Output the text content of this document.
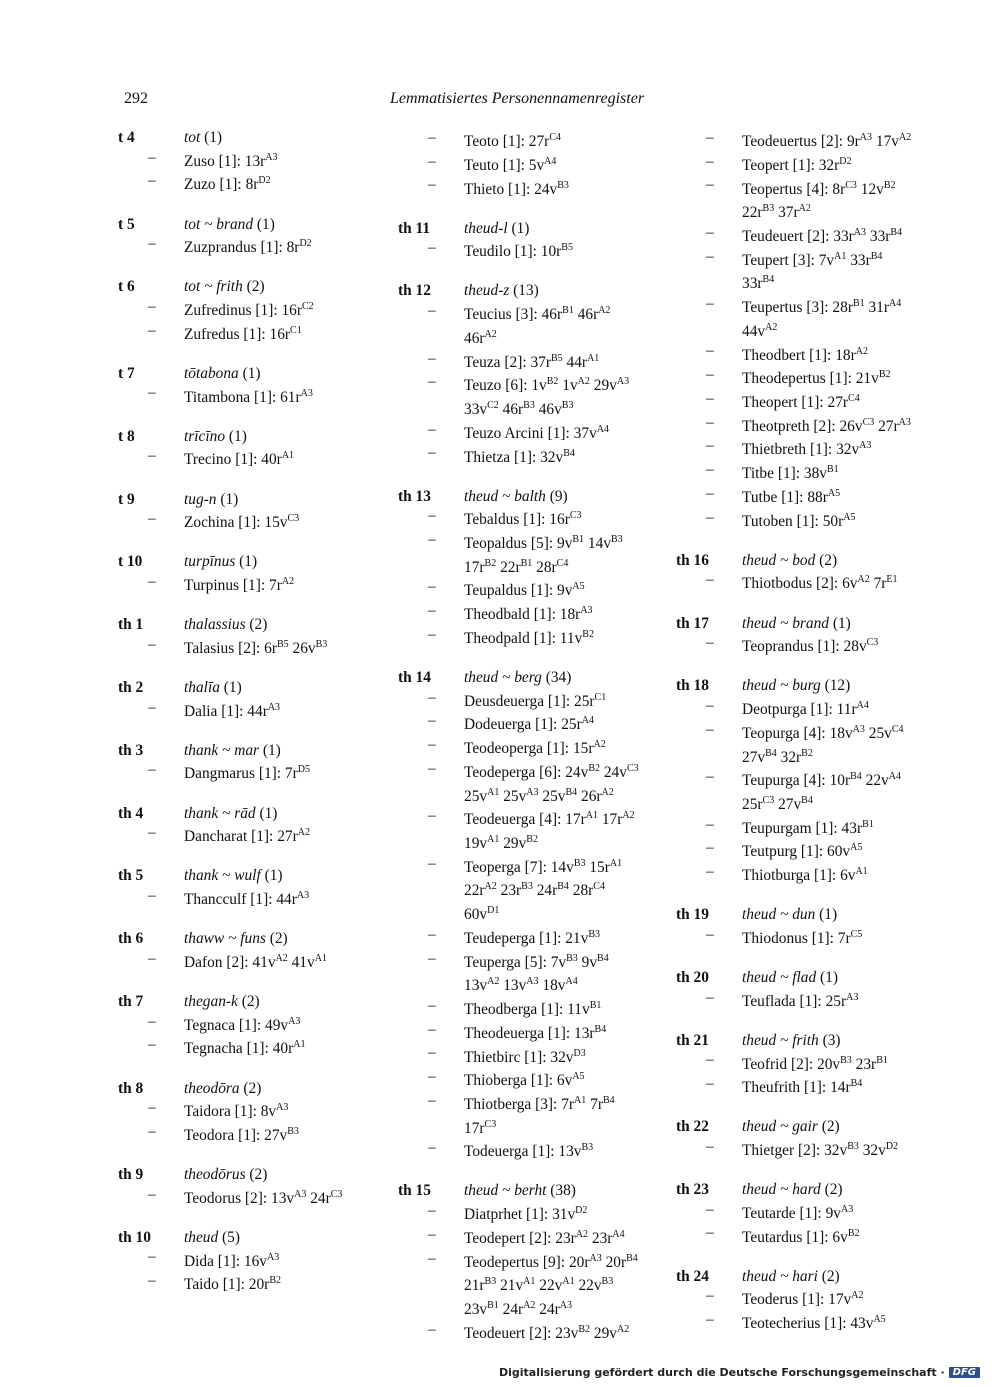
292	Lemmatisiertes Personennamenregister
t 4	tot (1)
– Zuso [1]: $13r^{A3}$
– Zuzo [1]: $8r^{D2}$
t 5	tot ~ brand (1)
– Zuzprandus [1]: $8r^{D2}$
t 6	tot ~ frith (2)
– Zufredinus [1]: $16r^{C2}$
– Zufredus [1]: $16r^{C1}$
t 7	tōtabona (1)
– Titambona [1]: $61r^{A3}$
t 8	trīcīno (1)
– Trecino [1]: $40r^{A1}$
t 9	tug-n (1)
– Zochina [1]: $15v^{C3}$
t 10	turpīnus (1)
– Turpinus [1]: $7r^{A2}$
th 1	thalassius (2)
– Talasius [2]: $6r^{B5}$ $26v^{B3}$
th 2	thalīa (1)
– Dalia [1]: $44r^{A3}$
th 3	thank ~ mar (1)
– Dangmarus [1]: $7r^{D5}$
th 4	thank ~ rād (1)
– Dancharat [1]: $27r^{A2}$
th 5	thank ~ wulf (1)
– Thancculf [1]: $44r^{A3}$
th 6	thaww ~ funs (2)
– Dafon [2]: $41v^{A2}$ $41v^{A1}$
th 7	thegan-k (2)
– Tegnaca [1]: $49v^{A3}$
– Tegnacha [1]: $40r^{A1}$
th 8	theodōra (2)
– Taidora [1]: $8v^{A3}$
– Teodora [1]: $27v^{B3}$
th 9	theodōrus (2)
– Teodorus [2]: $13v^{A3}$ $24r^{C3}$
th 10	theud (5)
– Dida [1]: $16v^{A3}$
– Taido [1]: $20r^{B2}$
– Teoto [1]: $27r^{C4}$
– Teuto [1]: $5v^{A4}$
– Thieto [1]: $24v^{B3}$
th 11	theud-l (1)
– Teudilo [1]: $10r^{B5}$
th 12	theud-z (13)
– Teucius [3]: $46r^{B1}$ $46r^{A2}$ $46r^{A2}$
– Teuza [2]: $37r^{B5}$ $44r^{A1}$
– Teuzo [6]: $1v^{B2}$ $1v^{A2}$ $29v^{A3}$ $33v^{C2}$ $46r^{B3}$ $46v^{B3}$
– Teuzo Arcini [1]: $37v^{A4}$
– Thietza [1]: $32v^{B4}$
th 13	theud ~ balth (9)
– Tebaldus [1]: $16r^{C3}$
– Teopaldus [5]: $9v^{B1}$ $14v^{B3}$ $17r^{B2}$ $22r^{B1}$ $28r^{C4}$
– Teupaldus [1]: $9v^{A5}$
– Theodbald [1]: $18r^{A3}$
– Theodpald [1]: $11v^{B2}$
th 14	theud ~ berg (34)
– Deusdeuerga [1]: $25r^{C1}$
– Dodeuerga [1]: $25r^{A4}$
– Teodeoperga [1]: $15r^{A2}$
– Teodeperga [6]: $24v^{B2}$ $24v^{C3}$ $25v^{A1}$ $25v^{A3}$ $25v^{B4}$ $26r^{A2}$
– Teodeuerga [4]: $17r^{A1}$ $17r^{A2}$ $19v^{A1}$ $29v^{B2}$
– Teoperga [7]: $14v^{B3}$ $15r^{A1}$ $22r^{A2}$ $23r^{B3}$ $24r^{B4}$ $28r^{C4}$ $60v^{D1}$
– Teudeperga [1]: $21v^{B3}$
– Teuperga [5]: $7v^{B3}$ $9v^{B4}$ $13v^{A2}$ $13v^{A3}$ $18v^{A4}$
– Theodberga [1]: $11v^{B1}$
– Theodeuerga [1]: $13r^{B4}$
– Thietbirc [1]: $32v^{D3}$
– Thioberga [1]: $6v^{A5}$
– Thiotberga [3]: $7r^{A1}$ $7r^{B4}$ $17r^{C3}$
– Todeuerga [1]: $13v^{B3}$
th 15	theud ~ berht (38)
– Diatprhet [1]: $31v^{D2}$
– Teodepert [2]: $23r^{A2}$ $23r^{A4}$
– Teodepertus [9]: $20r^{A3}$ $20r^{B4}$ $21r^{B3}$ $21v^{A1}$ $22v^{A1}$ $22v^{B3}$ $23v^{B1}$ $24r^{A2}$ $24r^{A3}$
– Teodeuert [2]: $23v^{B2}$ $29v^{A2}$
– Teodeuertus [2]: $9r^{A3}$ $17v^{A2}$
– Teopert [1]: $32r^{D2}$
– Teopertus [4]: $8r^{C3}$ $12v^{B2}$ $22r^{B3}$ $37r^{A2}$
– Teudeuert [2]: $33r^{A3}$ $33r^{B4}$
– Teupert [3]: $7v^{A1}$ $33r^{B4}$ $33r^{B4}$
– Teupertus [3]: $28r^{B1}$ $31r^{A4}$ $44v^{A2}$
– Theodbert [1]: $18r^{A2}$
– Theodepertus [1]: $21v^{B2}$
– Theopert [1]: $27r^{C4}$
– Theotpreth [2]: $26v^{C3}$ $27r^{A3}$
– Thietbreth [1]: $32v^{A3}$
– Titbe [1]: $38v^{B1}$
– Tutbe [1]: $88r^{A5}$
– Tutoben [1]: $50r^{A5}$
th 16	theud ~ bod (2)
– Thiotbodus [2]: $6v^{A2}$ $7r^{E1}$
th 17	theud ~ brand (1)
– Teoprandus [1]: $28v^{C3}$
th 18	theud ~ burg (12)
– Deotpurga [1]: $11r^{A4}$
– Teopurga [4]: $18v^{A3}$ $25v^{C4}$ $27v^{B4}$ $32r^{B2}$
– Teupurga [4]: $10r^{B4}$ $22v^{A4}$ $25r^{C3}$ $27v^{B4}$
– Teupurgam [1]: $43r^{B1}$
– Teutpurg [1]: $60v^{A5}$
– Thiotburga [1]: $6v^{A1}$
th 19	theud ~ dun (1)
– Thiodonus [1]: $7r^{C5}$
th 20	theud ~ flad (1)
– Teuflada [1]: $25r^{A3}$
th 21	theud ~ frith (3)
– Teofrid [2]: $20v^{B3}$ $23r^{B1}$
– Theufrith [1]: $14r^{B4}$
th 22	theud ~ gair (2)
– Thietger [2]: $32v^{B3}$ $32v^{D2}$
th 23	theud ~ hard (2)
– Teutarde [1]: $9v^{A3}$
– Teutardus [1]: $6v^{B2}$
th 24	theud ~ hari (2)
– Teoderus [1]: $17v^{A2}$
– Teotecherius [1]: $43v^{A5}$
Digitalisierung gefördert durch die Deutsche Forschungsgemeinschaft · DFG
